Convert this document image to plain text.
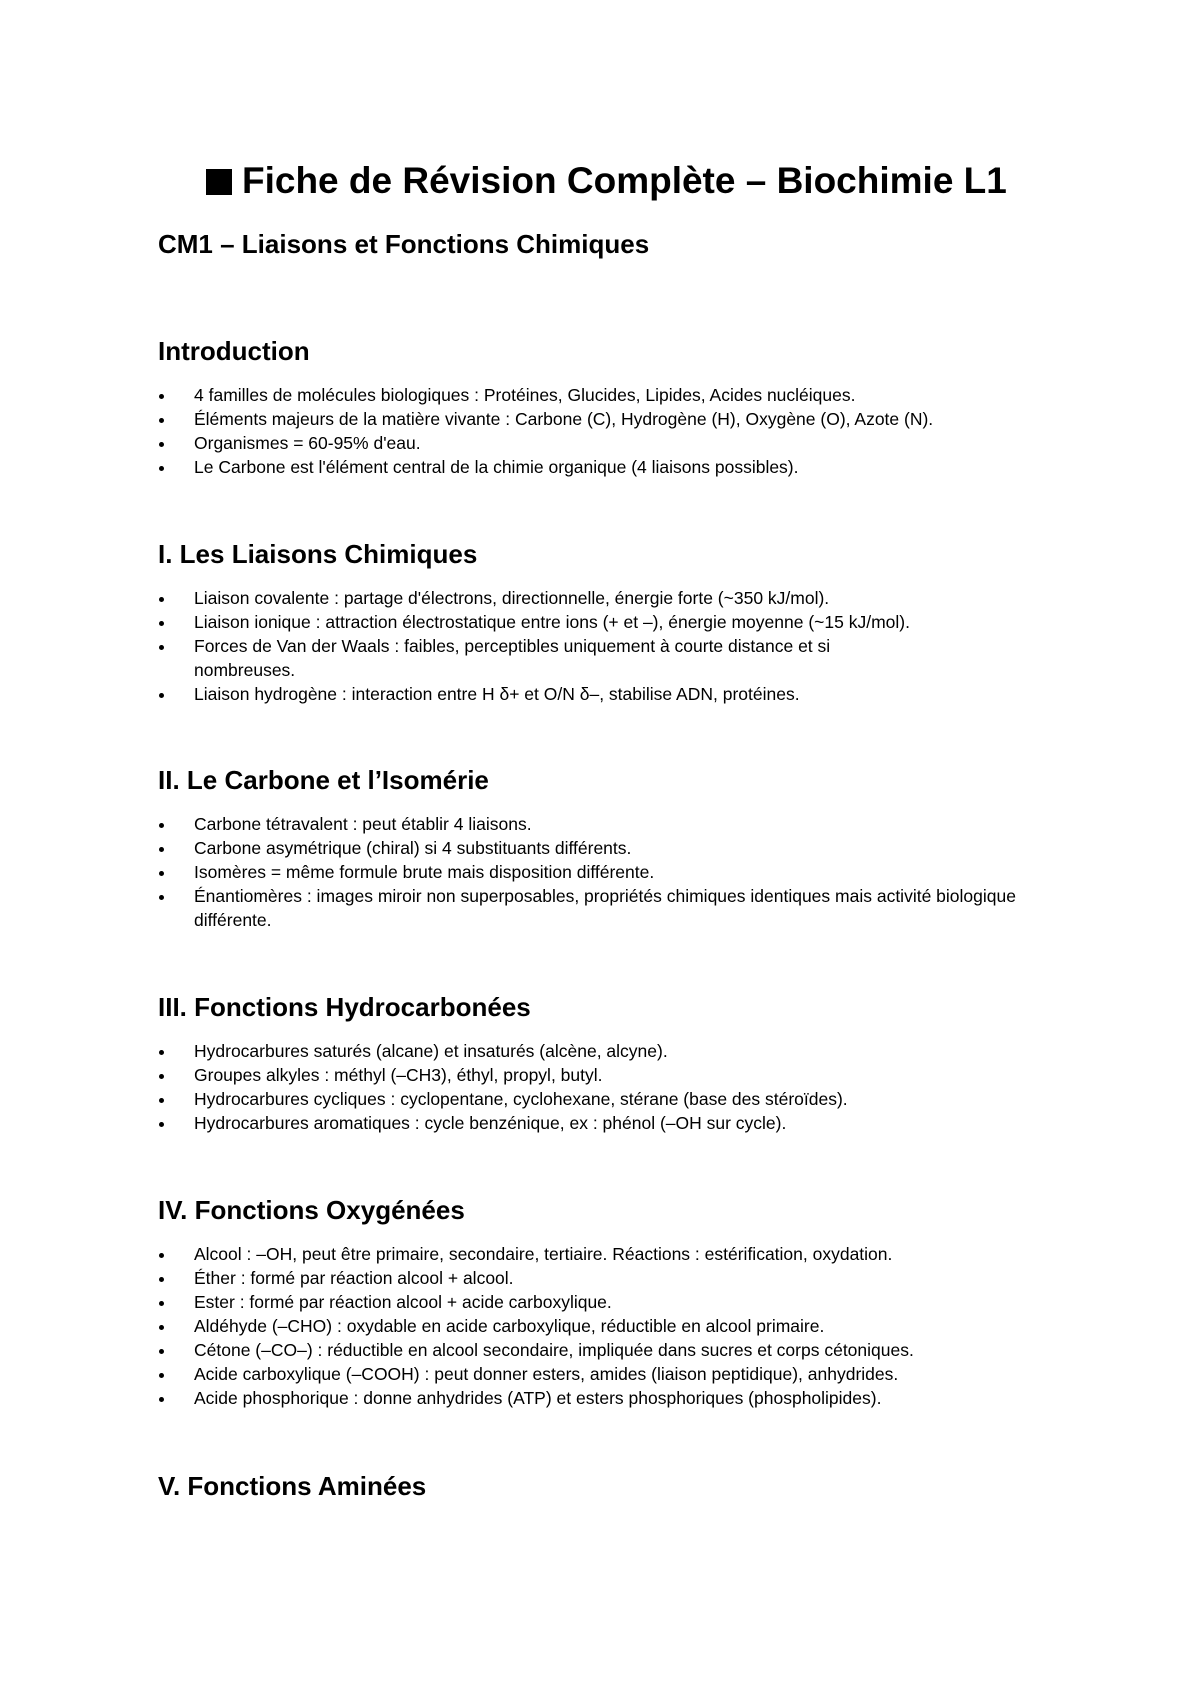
Fiche de Révision Complète – Biochimie L1
CM1 – Liaisons et Fonctions Chimiques
Introduction
4 familles de molécules biologiques : Protéines, Glucides, Lipides, Acides nucléiques.
Éléments majeurs de la matière vivante : Carbone (C), Hydrogène (H), Oxygène (O), Azote (N).
Organismes = 60-95% d'eau.
Le Carbone est l'élément central de la chimie organique (4 liaisons possibles).
I. Les Liaisons Chimiques
Liaison covalente : partage d'électrons, directionnelle, énergie forte (~350 kJ/mol).
Liaison ionique : attraction électrostatique entre ions (+ et –), énergie moyenne (~15 kJ/mol).
Forces de Van der Waals : faibles, perceptibles uniquement à courte distance et si nombreuses.
Liaison hydrogène : interaction entre H δ+ et O/N δ–, stabilise ADN, protéines.
II. Le Carbone et l’Isomérie
Carbone tétravalent : peut établir 4 liaisons.
Carbone asymétrique (chiral) si 4 substituants différents.
Isomères = même formule brute mais disposition différente.
Énantiomères : images miroir non superposables, propriétés chimiques identiques mais activité biologique différente.
III. Fonctions Hydrocarbonées
Hydrocarbures saturés (alcane) et insaturés (alcène, alcyne).
Groupes alkyles : méthyl (–CH3), éthyl, propyl, butyl.
Hydrocarbures cycliques : cyclopentane, cyclohexane, stérane (base des stéroïdes).
Hydrocarbures aromatiques : cycle benzénique, ex : phénol (–OH sur cycle).
IV. Fonctions Oxygénées
Alcool : –OH, peut être primaire, secondaire, tertiaire. Réactions : estérification, oxydation.
Éther : formé par réaction alcool + alcool.
Ester : formé par réaction alcool + acide carboxylique.
Aldéhyde (–CHO) : oxydable en acide carboxylique, réductible en alcool primaire.
Cétone (–CO–) : réductible en alcool secondaire, impliquée dans sucres et corps cétoniques.
Acide carboxylique (–COOH) : peut donner esters, amides (liaison peptidique), anhydrides.
Acide phosphorique : donne anhydrides (ATP) et esters phosphoriques (phospholipides).
V. Fonctions Aminées
